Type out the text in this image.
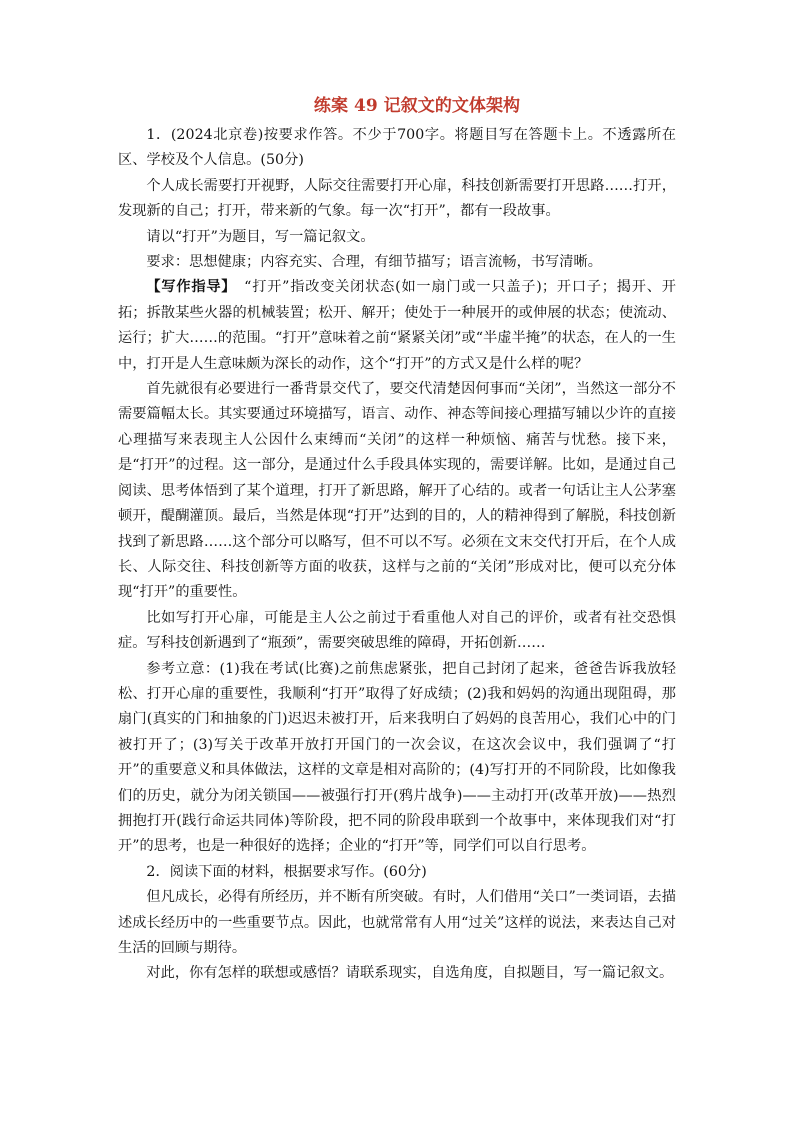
练案 49 记叙文的文体架构

1．(2024北京卷)按要求作答。不少于700字。将题目写在答题卡上。不透露所在区、学校及个人信息。(50分)

个人成长需要打开视野，人际交往需要打开心扉，科技创新需要打开思路……打开，发现新的自己；打开，带来新的气象。每一次“打开”，都有一段故事。

请以“打开”为题目，写一篇记叙文。

要求：思想健康；内容充实、合理，有细节描写；语言流畅，书写清晰。

【写作指导】　 “打开”指改变关闭状态(如一扇门或一只盖子)；开口子；揭开、开拓；拆散某些火器的机械装置；松开、解开；使处于一种展开的或伸展的状态；使流动、运行；扩大……的范围。“打开”意味着之前“紧紧关闭”或“半虚半掩”的状态，在人的一生中，打开是人生意味颇为深长的动作，这个“打开”的方式又是什么样的呢？

首先就很有必要进行一番背景交代了，要交代清楚因何事而“关闭”，当然这一部分不需要篇幅太长。其实要通过环境描写，语言、动作、神态等间接心理描写辅以少许的直接心理描写来表现主人公因什么束缚而“关闭”的这样一种烦恼、痛苦与忧愁。接下来，是“打开”的过程。这一部分，是通过什么手段具体实现的，需要详解。比如，是通过自己阅读、思考体悟到了某个道理，打开了新思路，解开了心结的。或者一句话让主人公茅塞顿开，醍醐灌顶。最后，当然是体现“打开”达到的目的，人的精神得到了解脱，科技创新找到了新思路……这个部分可以略写，但不可以不写。必须在文末交代打开后，在个人成长、人际交往、科技创新等方面的收获，这样与之前的“关闭”形成对比，便可以充分体现“打开”的重要性。

比如写打开心扉，可能是主人公之前过于看重他人对自己的评价，或者有社交恐惧症。写科技创新遇到了“瓶颈”，需要突破思维的障碍，开拓创新……

参考立意：(1)我在考试(比赛)之前焦虑紧张，把自己封闭了起来，爸爸告诉我放轻松、打开心扉的重要性，我顺利“打开”取得了好成绩；(2)我和妈妈的沟通出现阻碍，那扇门(真实的门和抽象的门)迟迟未被打开，后来我明白了妈妈的良苦用心，我们心中的门被打开了；(3)写关于改革开放打开国门的一次会议，在这次会议中，我们强调了“打开”的重要意义和具体做法，这样的文章是相对高阶的；(4)写打开的不同阶段，比如像我们的历史，就分为闭关锁国——被强行打开(鸦片战争)——主动打开(改革开放)——热烈拥抱打开(践行命运共同体)等阶段，把不同的阶段串联到一个故事中，来体现我们对“打开”的思考，也是一种很好的选择；企业的“打开”等，同学们可以自行思考。

2．阅读下面的材料，根据要求写作。(60分)

但凡成长，必得有所经历，并不断有所突破。有时，人们借用“关口”一类词语，去描述成长经历中的一些重要节点。因此，也就常常有人用“过关”这样的说法，来表达自己对生活的回顾与期待。

对此，你有怎样的联想或感悟？请联系现实，自选角度，自拟题目，写一篇记叙文。
